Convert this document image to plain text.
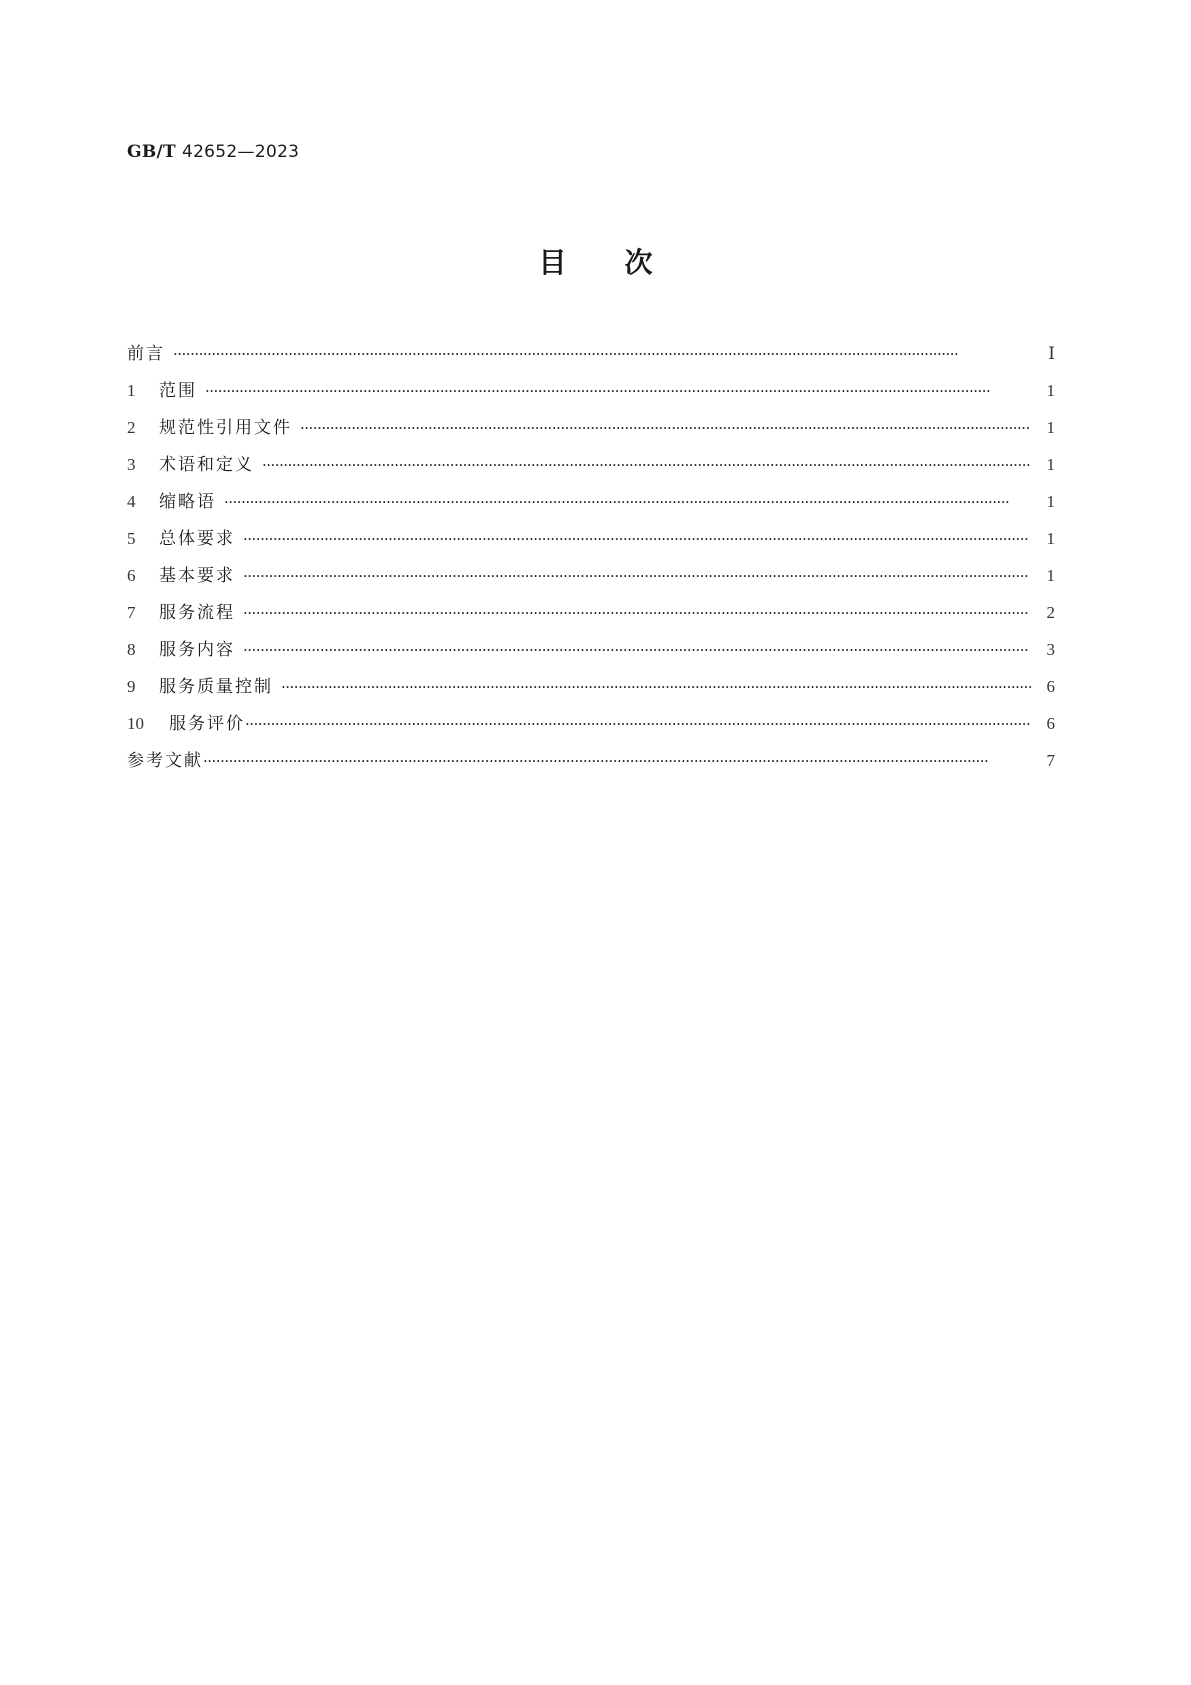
GB/T 42652—2023
目次
前言 ·····	Ⅰ
1	范围 ·····	1
2	规范性引用文件 ·····	1
3	术语和定义 ·····	1
4	缩略语 ·····	1
5	总体要求 ·····	1
6	基本要求 ·····	1
7	服务流程 ·····	2
8	服务内容 ·····	3
9	服务质量控制 ·····	6
10	服务评价 ·····	6
参考文献 ·····	7
